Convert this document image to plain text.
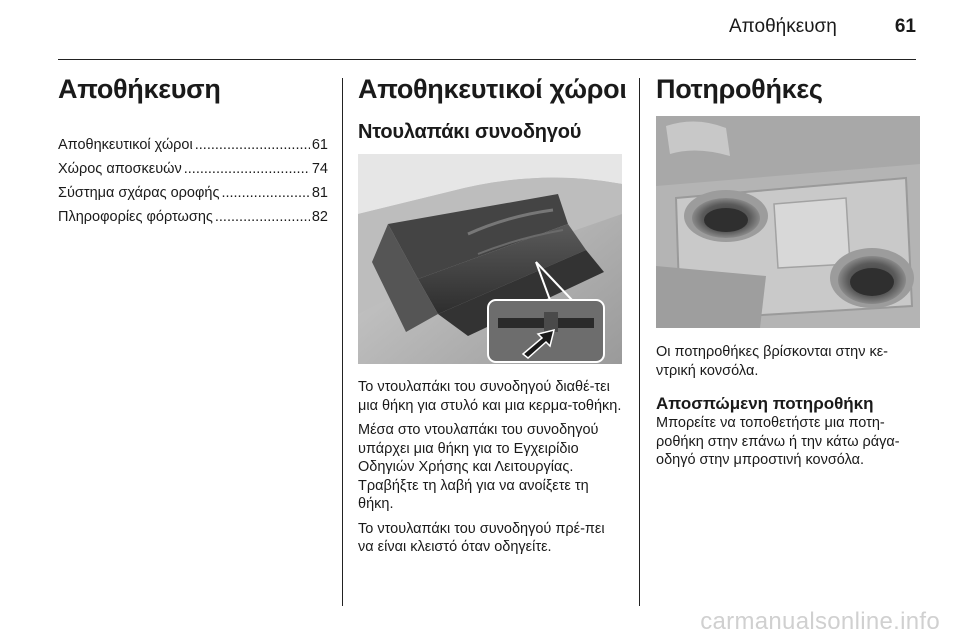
Αποθήκευση	61
Αποθήκευση
Αποθηκευτικοί χώροι .....	61
Χώρος αποσκευών .....	74
Σύστημα σχάρας οροφής .....	81
Πληροφορίες φόρτωσης .....	82
Αποθηκευτικοί χώροι
Ντουλαπάκι συνοδηγού

Το ντουλαπάκι του συνοδηγού διαθέ-τει μια θήκη για στυλό και μια κερμα-τοθήκη.

Μέσα στο ντουλαπάκι του συνοδηγού υπάρχει μια θήκη για το Εγχειρίδιο Οδηγιών Χρήσης και Λειτουργίας. Τραβήξτε τη λαβή για να ανοίξετε τη θήκη.

Το ντουλαπάκι του συνοδηγού πρέ-πει να είναι κλειστό όταν οδηγείτε.

Ποτηροθήκες

Οι ποτηροθήκες βρίσκονται στην κε-ντρική κονσόλα.

Αποσπώμενη ποτηροθήκη

Μπορείτε να τοποθετήστε μια ποτη-ροθήκη στην επάνω ή την κάτω ράγα-οδηγό στην μπροστινή κονσόλα.

carmanualsonline.info
